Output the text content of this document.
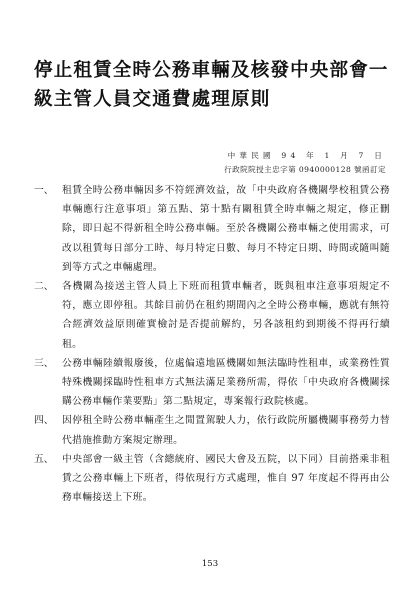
停止租賃全時公務車輛及核發中央部會一級主管人員交通費處理原則
中華民國 94 年 1 月 7 日
行政院院授主忠字第 0940000128 號函訂定
一、 租賃全時公務車輛因多不符經濟效益，故「中央政府各機關學校租賃公務車輛應行注意事項」第五點、第十點有關租賃全時車輛之規定，修正刪除，即日起不得新租全時公務車輛。至於各機關公務車輛之使用需求，可改以租賃每日部分工時、每月特定日數、每月不特定日期、時間或隨叫隨到等方式之車輛處理。
二、 各機關為接送主管人員上下班而租賃車輛者，既與租車注意事項規定不符，應立即停租。其餘目前仍在租約期間內之全時公務車輛，應就有無符合經濟效益原則確實檢討是否提前解約，另各該租約到期後不得再行續租。
三、 公務車輛陸續報廢後，位處偏遠地區機關如無法臨時性租車，或業務性質特殊機關採臨時性租車方式無法滿足業務所需，得依「中央政府各機關採購公務車輛作業要點」第二點規定，專案報行政院核處。
四、 因停租全時公務車輛產生之閒置駕駛人力，依行政院所屬機關事務勞力替代措施推動方案規定辦理。
五、 中央部會一級主管（含總統府、國民大會及五院，以下同）目前搭乘非租賃之公務車輛上下班者，得依現行方式處理，惟自 97 年度起不得再由公務車輛接送上下班。
153
